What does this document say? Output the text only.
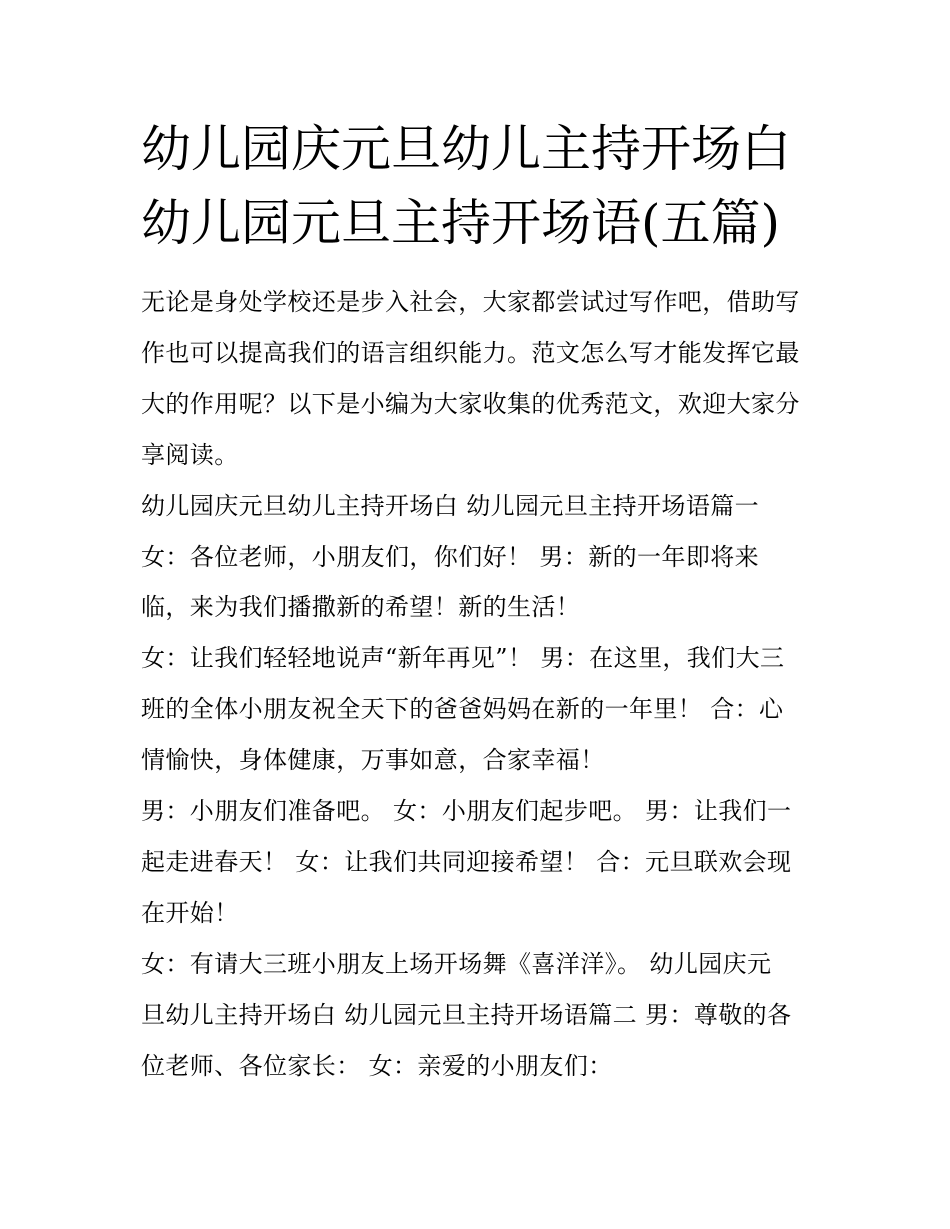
幼儿园庆元旦幼儿主持开场白
幼儿园元旦主持开场语(五篇)
无论是身处学校还是步入社会，大家都尝试过写作吧，借助写
作也可以提高我们的语言组织能力。范文怎么写才能发挥它最
大的作用呢？以下是小编为大家收集的优秀范文，欢迎大家分
享阅读。
幼儿园庆元旦幼儿主持开场白 幼儿园元旦主持开场语篇一
女：各位老师，小朋友们，你们好！ 男：新的一年即将来
临，来为我们播撒新的希望！新的生活！
女：让我们轻轻地说声“新年再见”！ 男：在这里，我们大三
班的全体小朋友祝全天下的爸爸妈妈在新的一年里！ 合：心
情愉快，身体健康，万事如意，合家幸福！
男：小朋友们准备吧。 女：小朋友们起步吧。 男：让我们一
起走进春天！ 女：让我们共同迎接希望！ 合：元旦联欢会现
在开始！
女：有请大三班小朋友上场开场舞《喜洋洋》。 幼儿园庆元
旦幼儿主持开场白 幼儿园元旦主持开场语篇二 男：尊敬的各
位老师、各位家长： 女：亲爱的小朋友们：
